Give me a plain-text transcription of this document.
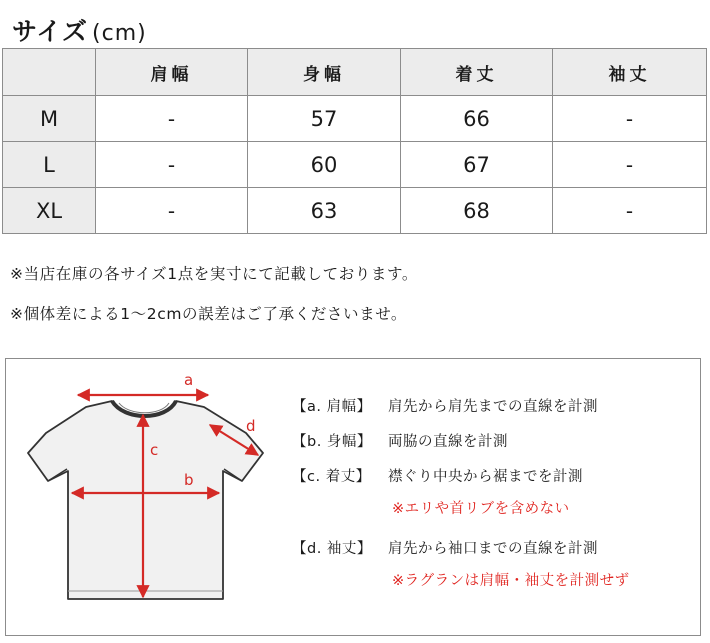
サイズ (cm)
	肩幅	身幅	着丈	袖丈
M	-	57	66	-
L	-	60	67	-
XL	-	63	68	-
※当店在庫の各サイズ1点を実寸にて記載しております。
※個体差による1〜2cmの誤差はご了承くださいませ。
a
b
c
d
【a. 肩幅】 肩先から肩先までの直線を計測
【b. 身幅】 両脇の直線を計測
【c. 着丈】 襟ぐり中央から裾までを計測
※エリや首リブを含めない
【d. 袖丈】 肩先から袖口までの直線を計測
※ラグランは肩幅・袖丈を計測せず
